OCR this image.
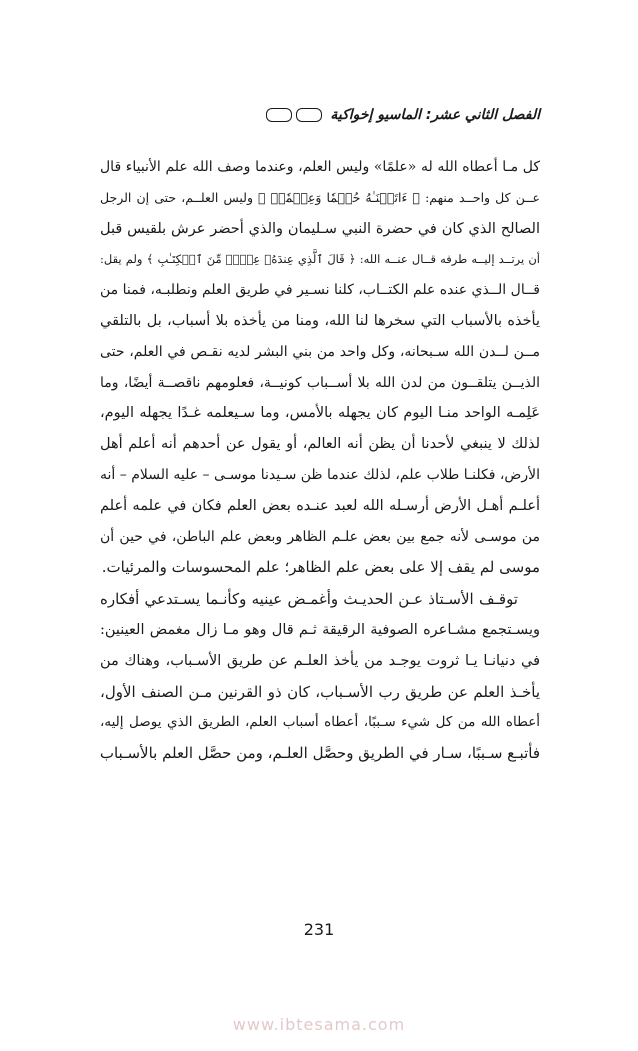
الفصل الثاني عشر: الماسيو إخواكية

كل مـا أعطاه الله له «علمًا» وليس العلم، وعندما وصف الله علم الأنبياء قال
عــن كل واحــد منهم: ﴿ ءَاتَيۡنَـٰهُ حُكۡمٗا وَعِلۡمٗاۚ ﴾ وليس العلــم، حتى إن الرجل
الصالح الذي كان في حضرة النبي سـليمان والذي أحضر عرش بلقيس قبل
أن يرتــد إليــه طرفه قــال عنــه الله: ﴿ قَالَ ٱلَّذِي عِندَهُۥ عِلۡمٞ مِّنَ ٱلۡكِتَـٰبِ ﴾ ولم يقل:
قــال الــذي عنده علم الكتــاب، كلنا نسـير في طريق العلم ونطلبـه، فمنا من
يأخذه بالأسباب التي سخرها لنا الله، ومنا من يأخذه بلا أسباب، بل بالتلقي
مــن لــدن الله سـبحانه، وكل واحد من بني البشر لديه نقـص في العلم، حتى
الذيــن يتلقــون من لدن الله بلا أســباب كونيــة، فعلومهم ناقصــة أيضًا، وما
عَلِمـه الواحد منـا اليوم كان يجهله بالأمس، وما سـيعلمه غـدًا يجهله اليوم،
لذلك لا ينبغي لأحدنا أن يظن أنه العالم، أو يقول عن أحدهم أنه أعلم أهل
الأرض، فكلنـا طلاب علم، لذلك عندما ظن سـيدنا موسـى – عليه السلام – أنه
أعلـم أهـل الأرض أرسـله الله لعبد عنـده بعض العلم فكان في علمه أعلم
من موسـى لأنه جمع بين بعض علـم الظاهر وبعض علم الباطن، في حين أن
موسى لم يقف إلا على بعض علم الظاهر؛ علم المحسوسات والمرئيات.

توقـف الأسـتاذ عـن الحديـث وأغمـض عينيه وكأنـما يسـتدعي أفكاره
ويسـتجمع مشـاعره الصوفية الرقيقة ثـم قال وهو مـا زال مغمض العينين:
في دنيانـا يـا ثروت يوجـد من يأخذ العلـم عن طريق الأسـباب، وهناك من
يأخـذ العلم عن طريق رب الأسـباب، كان ذو القرنين مـن الصنف الأول،
أعطاه الله من كل شيء سـببًا، أعطاه أسباب العلم، الطريق الذي يوصل إليه،
فأتبـع سـببًا، سـار في الطريق وحصَّل العلـم، ومن حصَّل العلم بالأسـباب

231
www.ibtesama.com
